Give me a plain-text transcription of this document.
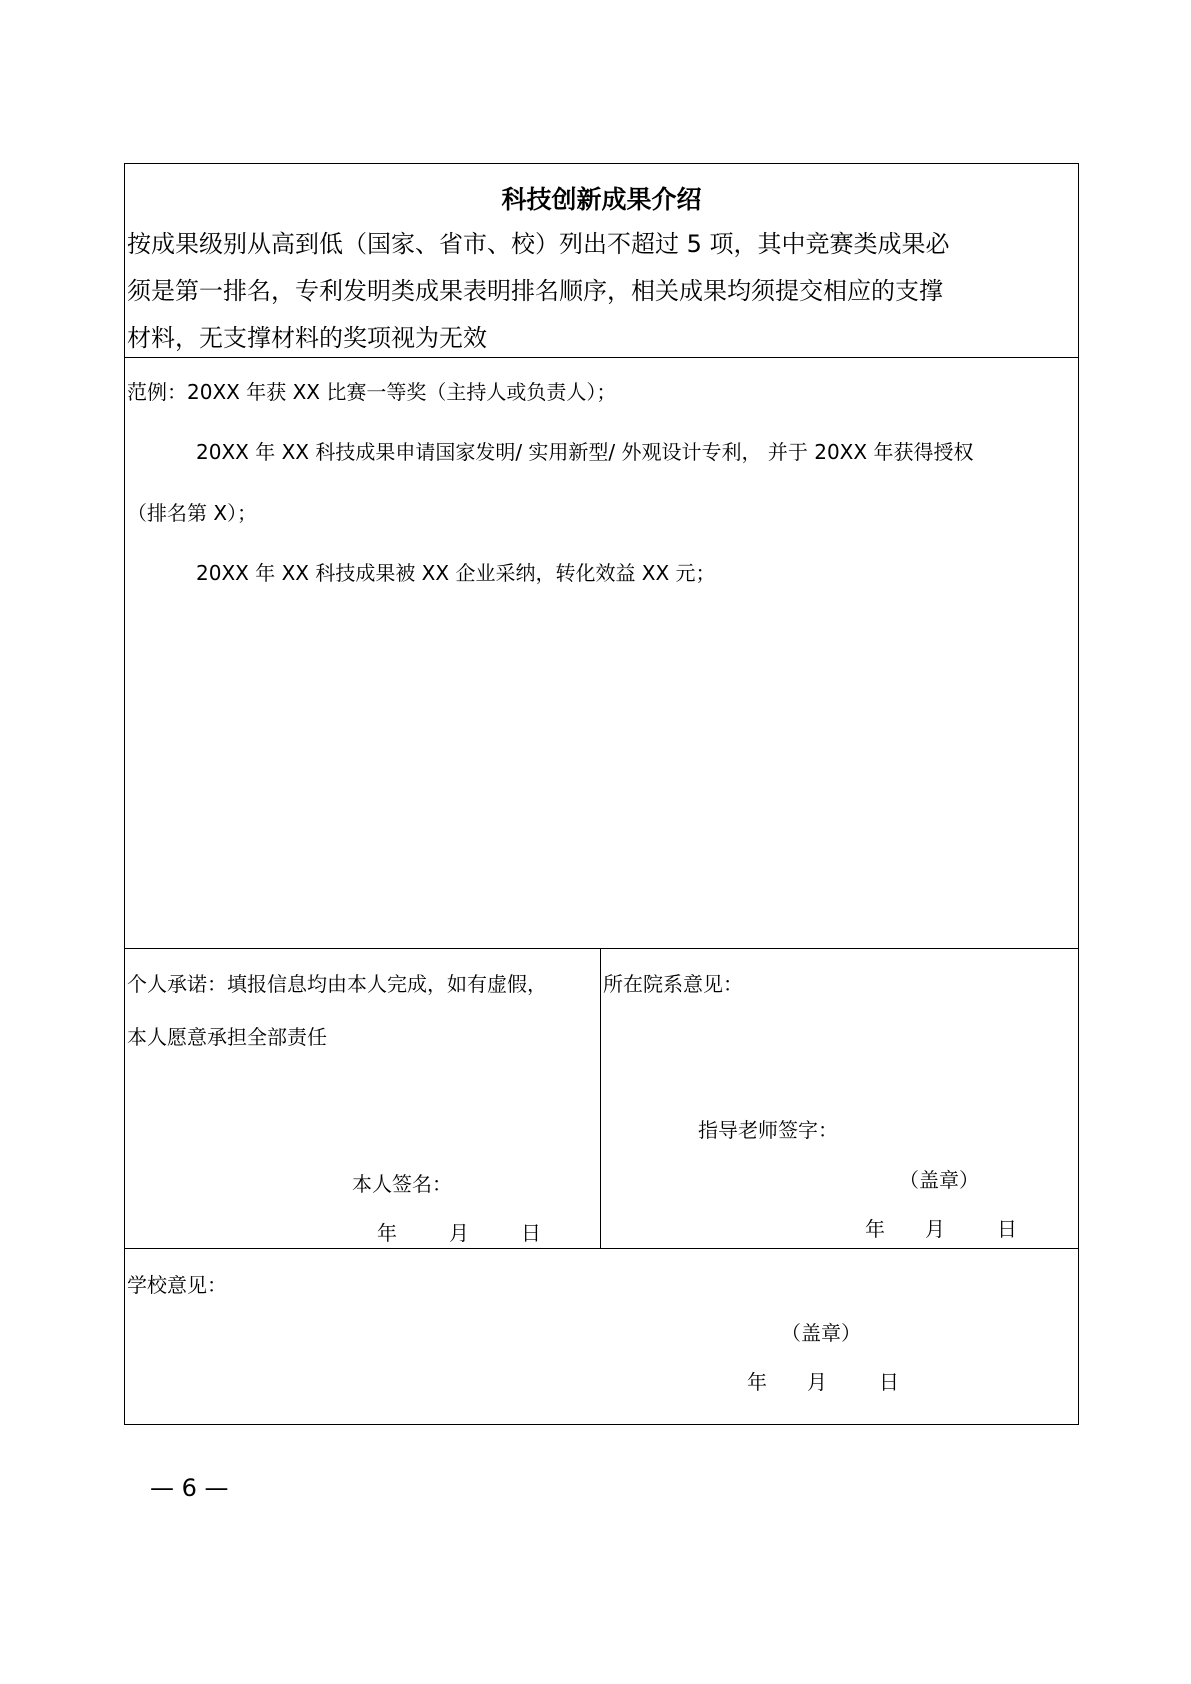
科技创新成果介绍
按成果级别从高到低（国家、省市、校）列出不超过 5 项，其中竞赛类成果必
须是第一排名，专利发明类成果表明排名顺序，相关成果均须提交相应的支撑
材料，无支撑材料的奖项视为无效
范例：20XX 年获 XX 比赛一等奖（主持人或负责人）；
20XX 年 XX 科技成果申请国家发明/ 实用新型/ 外观设计专利， 并于 20XX 年获得授权
（排名第 X）；
20XX 年 XX 科技成果被 XX 企业采纳，转化效益 XX 元；
个人承诺：填报信息均由本人完成，如有虚假，
本人愿意承担全部责任
本人签名：
年	月	日
所在院系意见：
指导老师签字：
（盖章）
年 月	日
学校意见：
（盖章）
年 月	日
— 6 —
